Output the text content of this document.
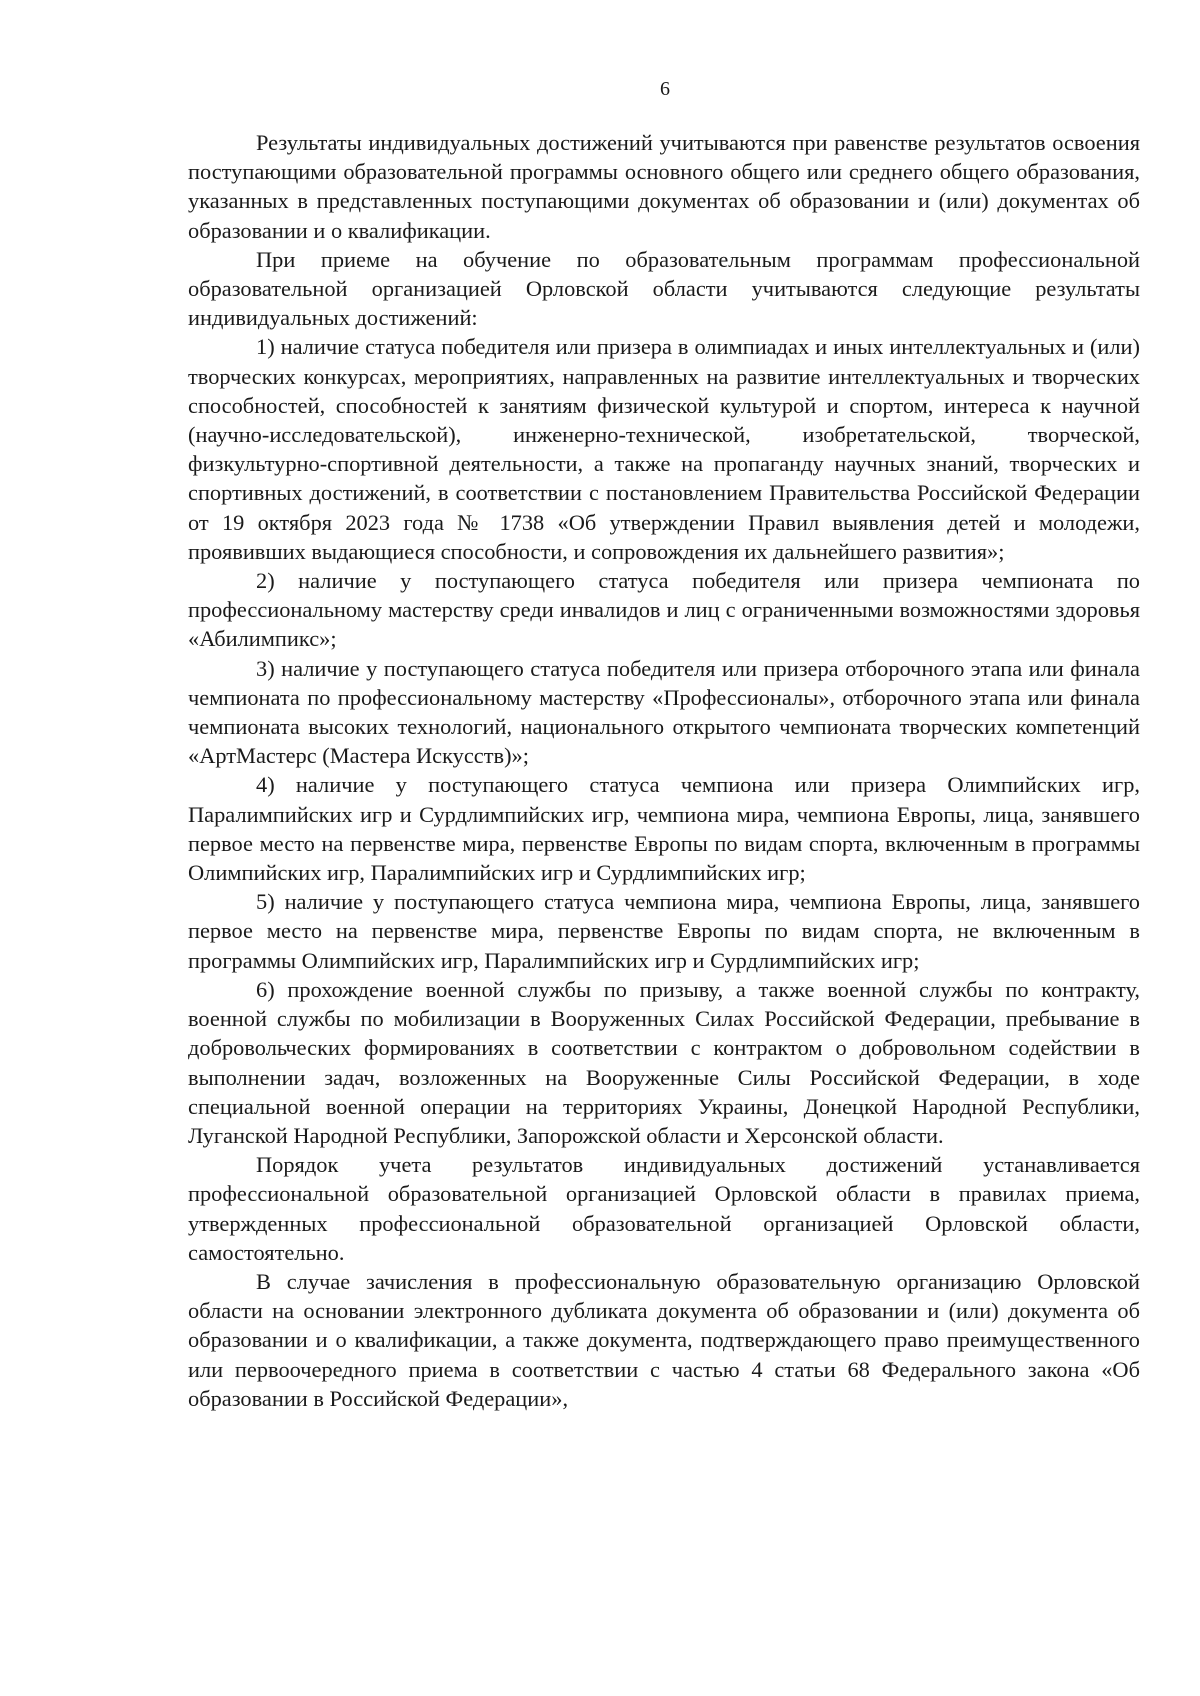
6

Результаты индивидуальных достижений учитываются при равенстве результатов освоения поступающими образовательной программы основного общего или среднего общего образования, указанных в представленных поступающими документах об образовании и (или) документах об образовании и о квалификации.

При приеме на обучение по образовательным программам профессиональной образовательной организацией Орловской области учитываются следующие результаты индивидуальных достижений:

1) наличие статуса победителя или призера в олимпиадах и иных интеллектуальных и (или) творческих конкурсах, мероприятиях, направленных на развитие интеллектуальных и творческих способностей, способностей к занятиям физической культурой и спортом, интереса к научной (научно-исследовательской), инженерно-технической, изобретательской, творческой, физкультурно-спортивной деятельности, а также на пропаганду научных знаний, творческих и спортивных достижений, в соответствии с постановлением Правительства Российской Федерации от 19 октября 2023 года № 1738 «Об утверждении Правил выявления детей и молодежи, проявивших выдающиеся способности, и сопровождения их дальнейшего развития»;

2) наличие у поступающего статуса победителя или призера чемпионата по профессиональному мастерству среди инвалидов и лиц с ограниченными возможностями здоровья «Абилимпикс»;

3) наличие у поступающего статуса победителя или призера отборочного этапа или финала чемпионата по профессиональному мастерству «Профессионалы», отборочного этапа или финала чемпионата высоких технологий, национального открытого чемпионата творческих компетенций «АртМастерс (Мастера Искусств)»;

4) наличие у поступающего статуса чемпиона или призера Олимпийских игр, Паралимпийских игр и Сурдлимпийских игр, чемпиона мира, чемпиона Европы, лица, занявшего первое место на первенстве мира, первенстве Европы по видам спорта, включенным в программы Олимпийских игр, Паралимпийских игр и Сурдлимпийских игр;

5) наличие у поступающего статуса чемпиона мира, чемпиона Европы, лица, занявшего первое место на первенстве мира, первенстве Европы по видам спорта, не включенным в программы Олимпийских игр, Паралимпийских игр и Сурдлимпийских игр;

6) прохождение военной службы по призыву, а также военной службы по контракту, военной службы по мобилизации в Вооруженных Силах Российской Федерации, пребывание в добровольческих формированиях в соответствии с контрактом о добровольном содействии в выполнении задач, возложенных на Вооруженные Силы Российской Федерации, в ходе специальной военной операции на территориях Украины, Донецкой Народной Республики, Луганской Народной Республики, Запорожской области и Херсонской области.

Порядок учета результатов индивидуальных достижений устанавливается профессиональной образовательной организацией Орловской области в правилах приема, утвержденных профессиональной образовательной организацией Орловской области, самостоятельно.

В случае зачисления в профессиональную образовательную организацию Орловской области на основании электронного дубликата документа об образовании и (или) документа об образовании и о квалификации, а также документа, подтверждающего право преимущественного или первоочередного приема в соответствии с частью 4 статьи 68 Федерального закона «Об образовании в Российской Федерации»,
